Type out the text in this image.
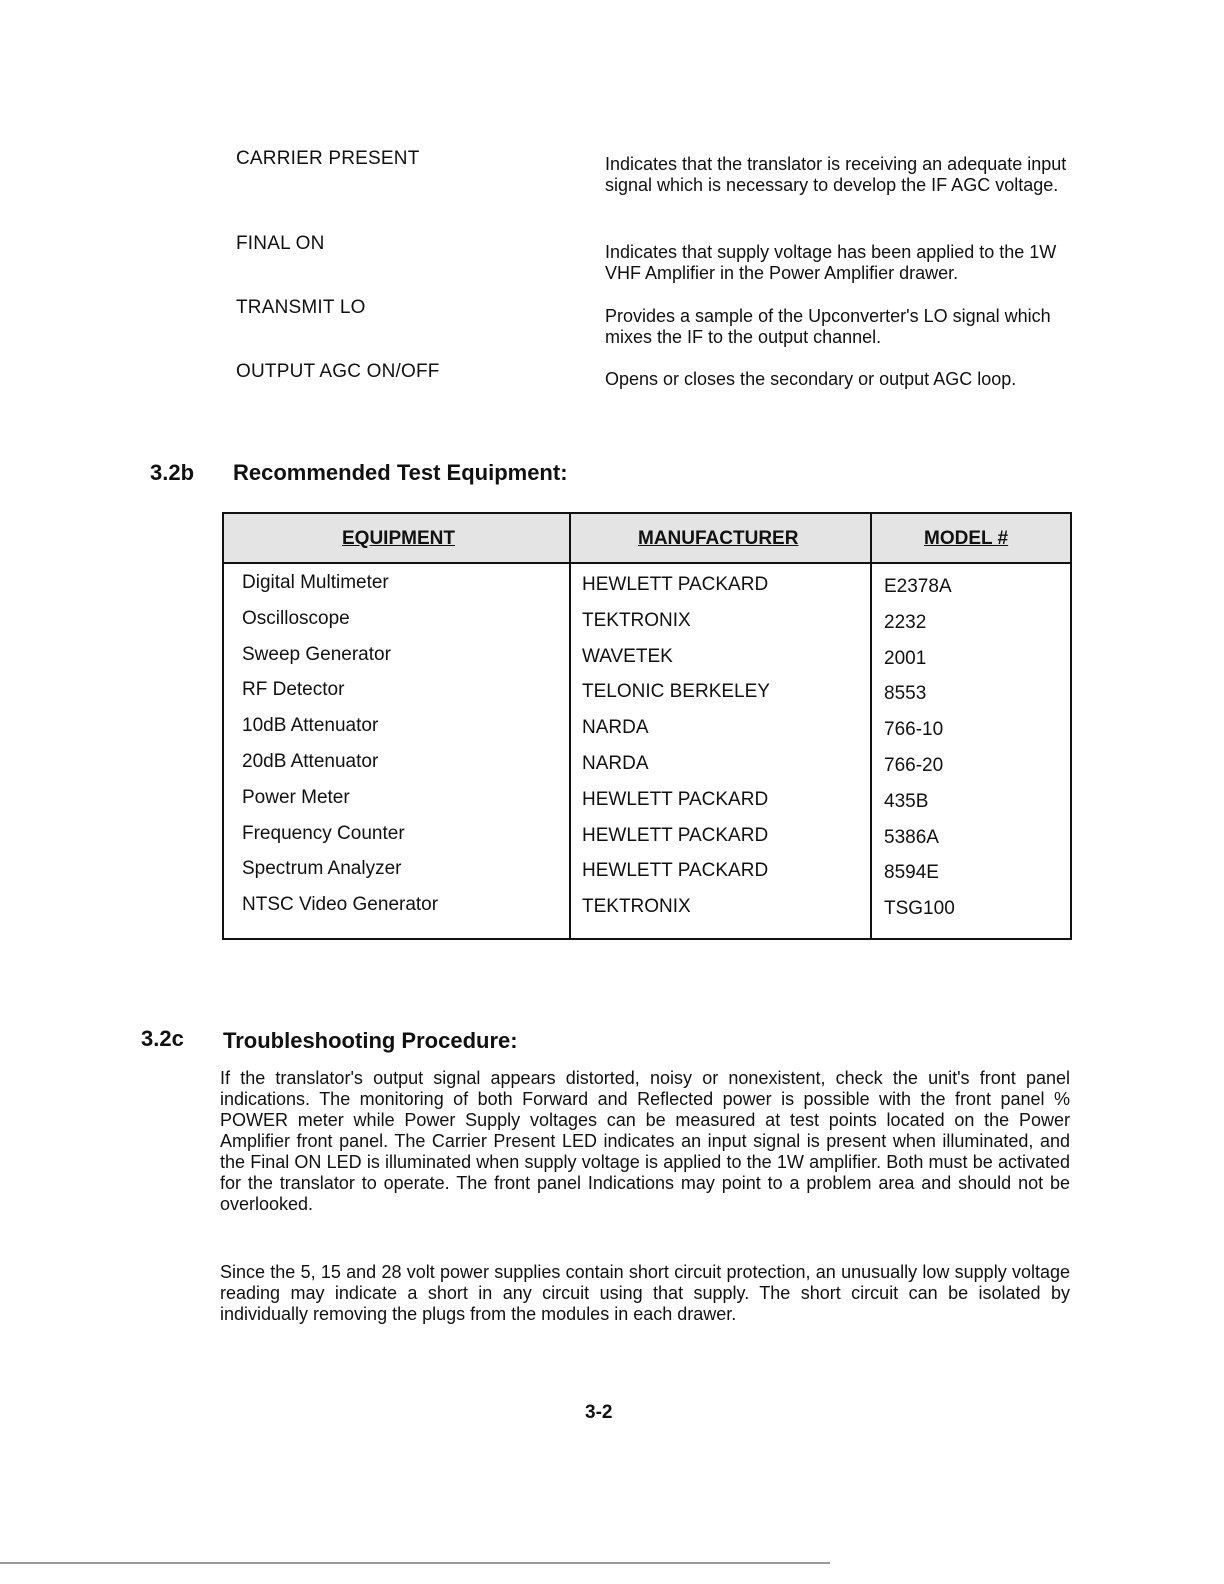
CARRIER PRESENT	Indicates that the translator is receiving an adequate input signal which is necessary to develop the IF AGC voltage.
FINAL ON	Indicates that supply voltage has been applied to the 1W VHF Amplifier in the Power Amplifier drawer.
TRANSMIT LO	Provides a sample of the Upconverter's LO signal which mixes the IF to the output channel.
OUTPUT AGC ON/OFF	Opens or closes the secondary or output AGC loop.
3.2b Recommended Test Equipment:
EQUIPMENT	MANUFACTURER	MODEL #
Digital Multimeter	HEWLETT PACKARD	E2378A
Oscilloscope	TEKTRONIX	2232
Sweep Generator	WAVETEK	2001
RF Detector	TELONIC BERKELEY	8553
10dB Attenuator	NARDA	766-10
20dB Attenuator	NARDA	766-20
Power Meter	HEWLETT PACKARD	435B
Frequency Counter	HEWLETT PACKARD	5386A
Spectrum Analyzer	HEWLETT PACKARD	8594E
NTSC Video Generator	TEKTRONIX	TSG100
3.2c Troubleshooting Procedure:

If the translator's output signal appears distorted, noisy or nonexistent, check the unit's front panel indications. The monitoring of both Forward and Reflected power is possible with the front panel % POWER meter while Power Supply voltages can be measured at test points located on the Power Amplifier front panel. The Carrier Present LED indicates an input signal is present when illuminated, and the Final ON LED is illuminated when supply voltage is applied to the 1W amplifier. Both must be activated for the translator to operate. The front panel Indications may point to a problem area and should not be overlooked.

Since the 5, 15 and 28 volt power supplies contain short circuit protection, an unusually low supply voltage reading may indicate a short in any circuit using that supply. The short circuit can be isolated by individually removing the plugs from the modules in each drawer.

3-2
